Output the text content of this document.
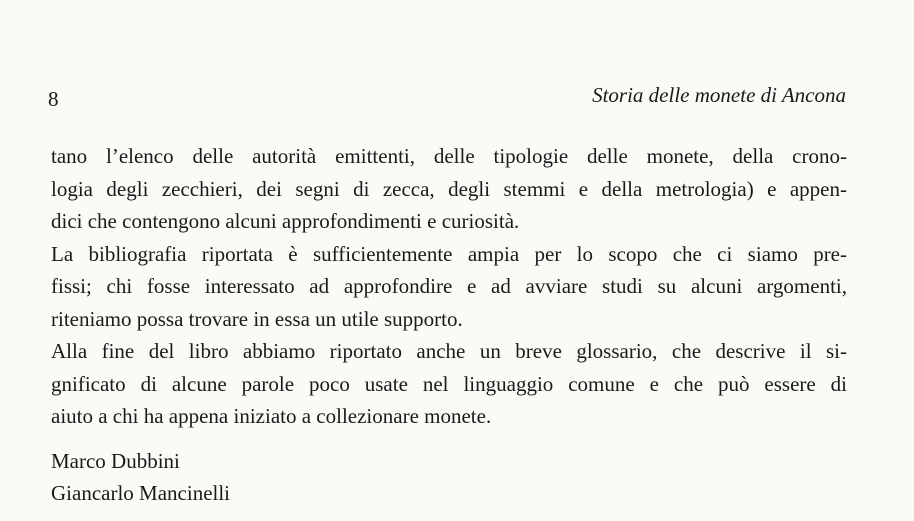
8	Storia delle monete di Ancona
tano l’elenco delle autorità emittenti, delle tipologie delle monete, della crono-
logia degli zecchieri, dei segni di zecca, degli stemmi e della metrologia) e appen-
dici che contengono alcuni approfondimenti e curiosità.
La bibliografia riportata è sufficientemente ampia per lo scopo che ci siamo pre-
fissi; chi fosse interessato ad approfondire e ad avviare studi su alcuni argomenti,
riteniamo possa trovare in essa un utile supporto.
Alla fine del libro abbiamo riportato anche un breve glossario, che descrive il si-
gnificato di alcune parole poco usate nel linguaggio comune e che può essere di
aiuto a chi ha appena iniziato a collezionare monete.
Marco Dubbini
Giancarlo Mancinelli
